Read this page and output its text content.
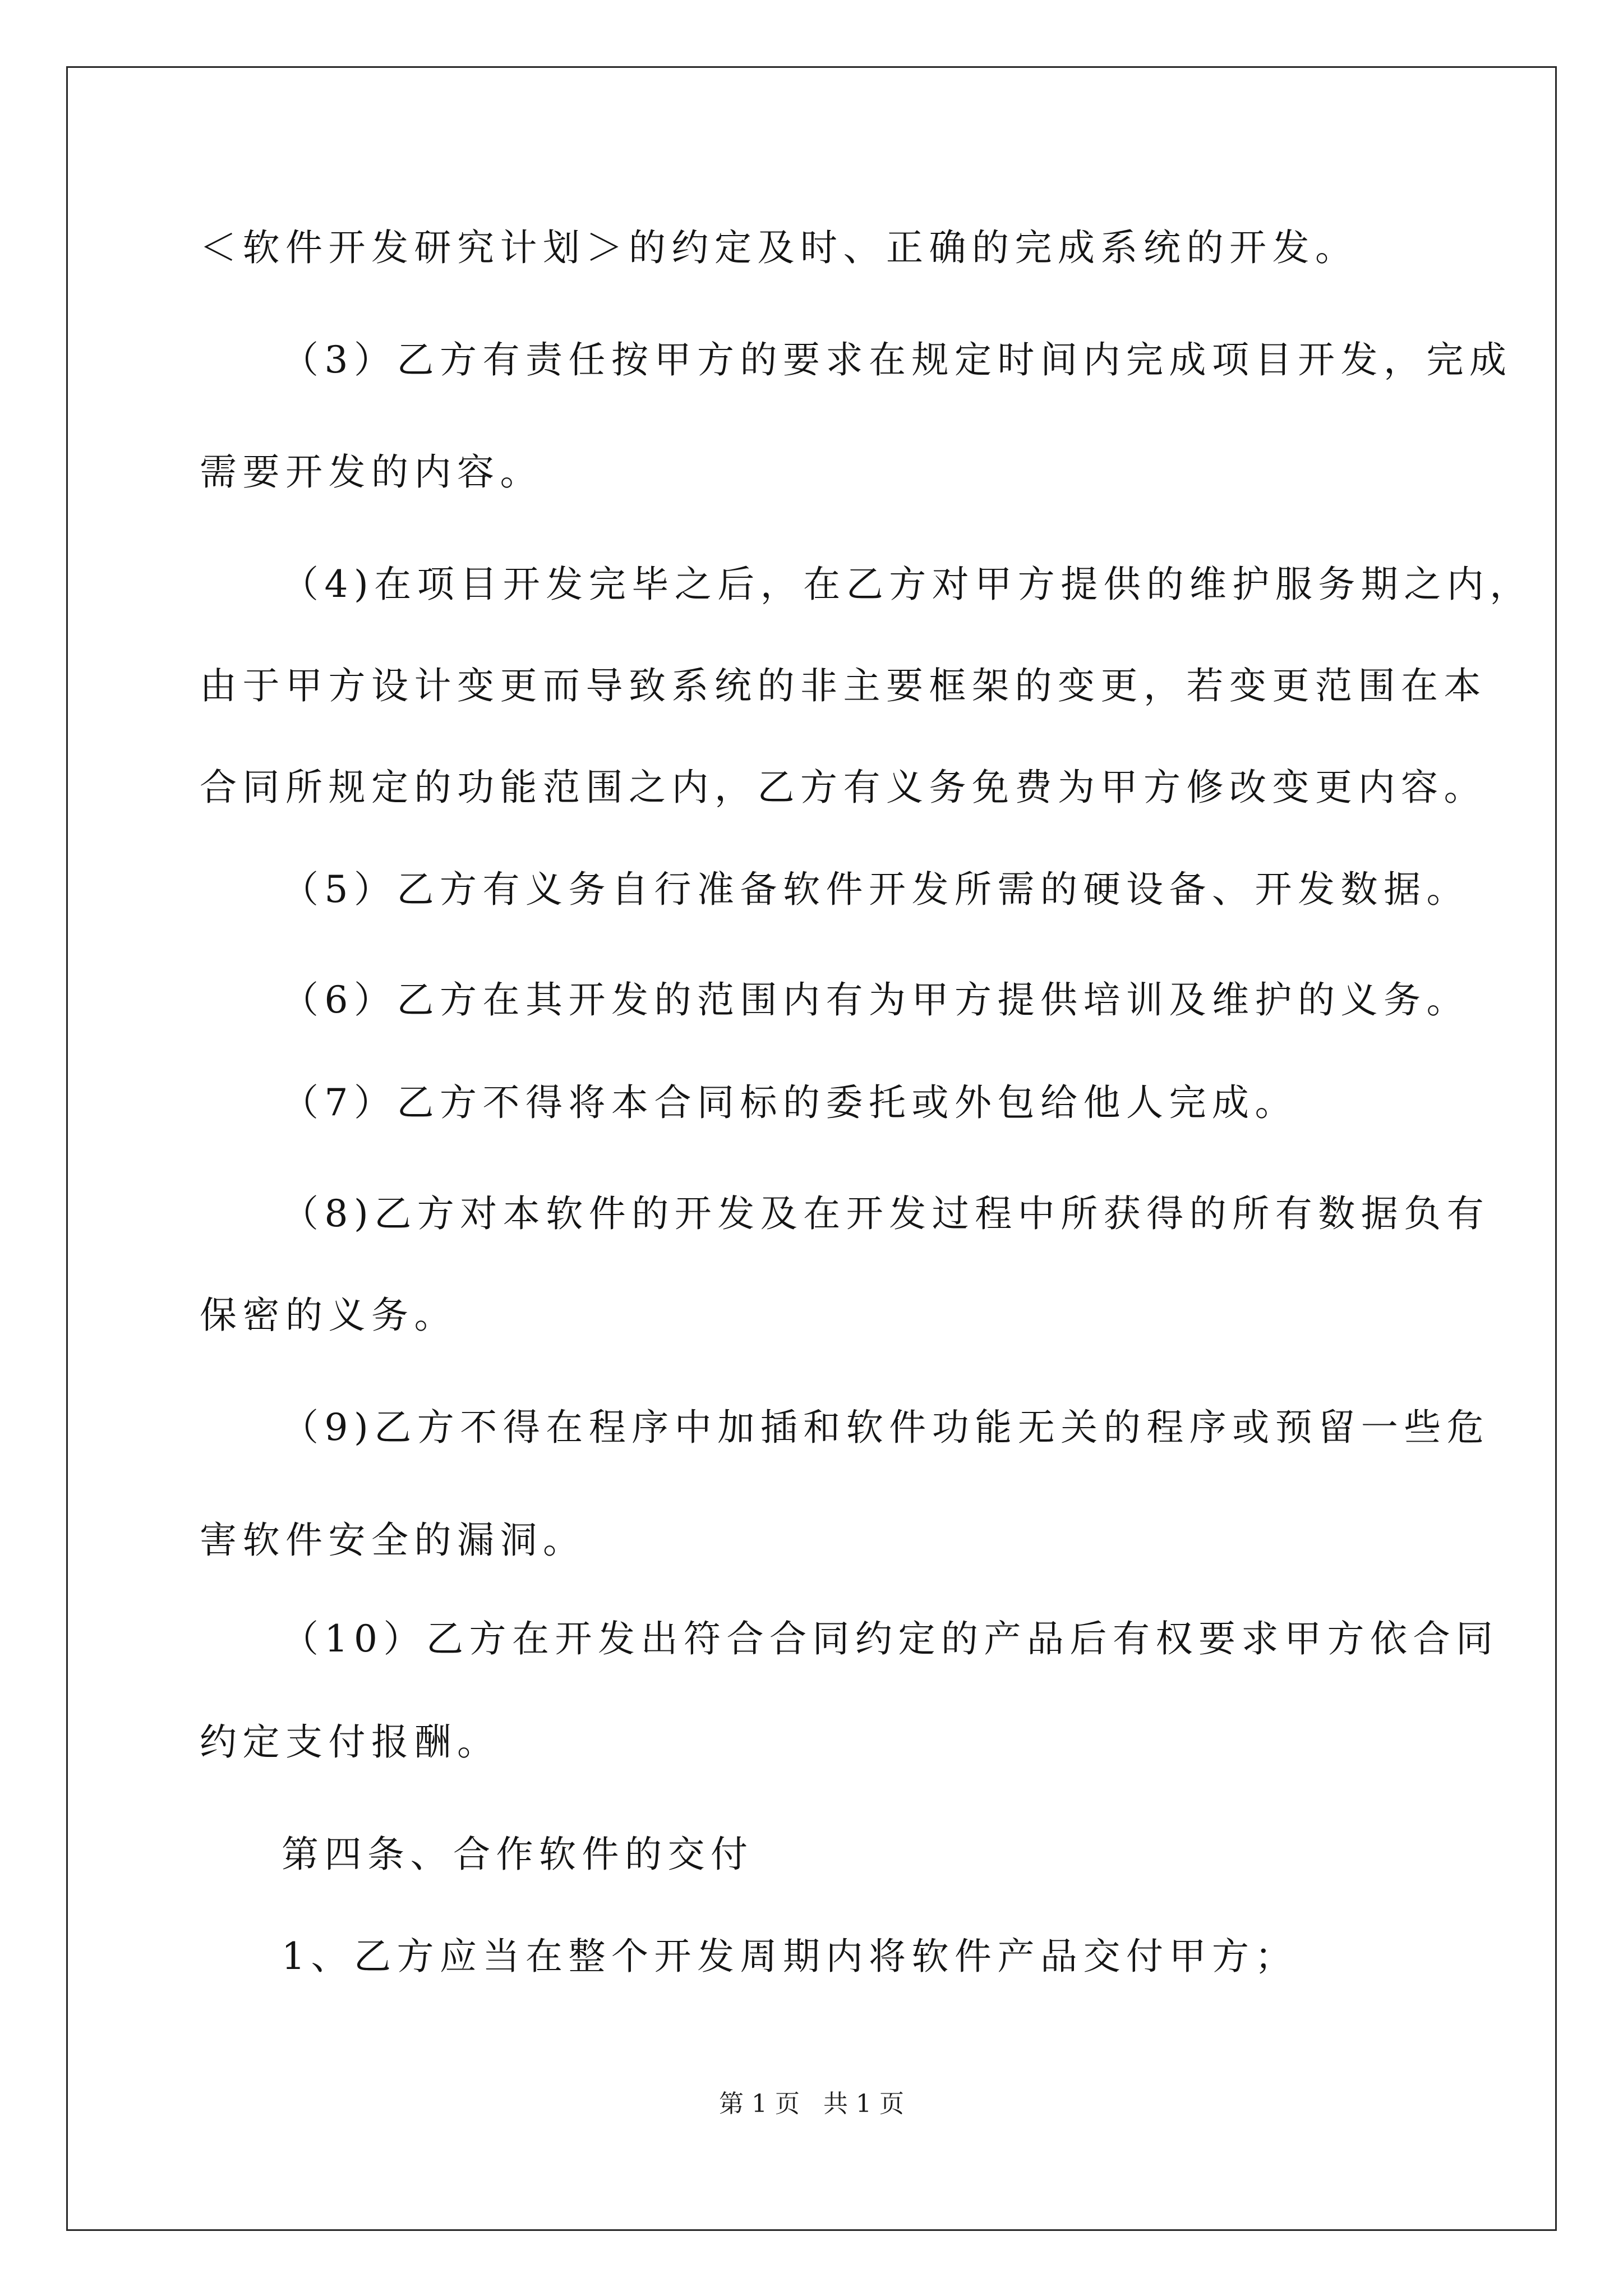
＜软件开发研究计划＞的约定及时、正确的完成系统的开发。
（3）乙方有责任按甲方的要求在规定时间内完成项目开发，完成
需要开发的内容。
（4)在项目开发完毕之后，在乙方对甲方提供的维护服务期之内，
由于甲方设计变更而导致系统的非主要框架的变更，若变更范围在本
合同所规定的功能范围之内，乙方有义务免费为甲方修改变更内容。
（5）乙方有义务自行准备软件开发所需的硬设备、开发数据。
（6）乙方在其开发的范围内有为甲方提供培训及维护的义务。
（7）乙方不得将本合同标的委托或外包给他人完成。
（8)乙方对本软件的开发及在开发过程中所获得的所有数据负有
保密的义务。
（9)乙方不得在程序中加插和软件功能无关的程序或预留一些危
害软件安全的漏洞。
（10）乙方在开发出符合合同约定的产品后有权要求甲方依合同
约定支付报酬。
第四条、合作软件的交付
1、乙方应当在整个开发周期内将软件产品交付甲方；
第 1 页   共 1 页
